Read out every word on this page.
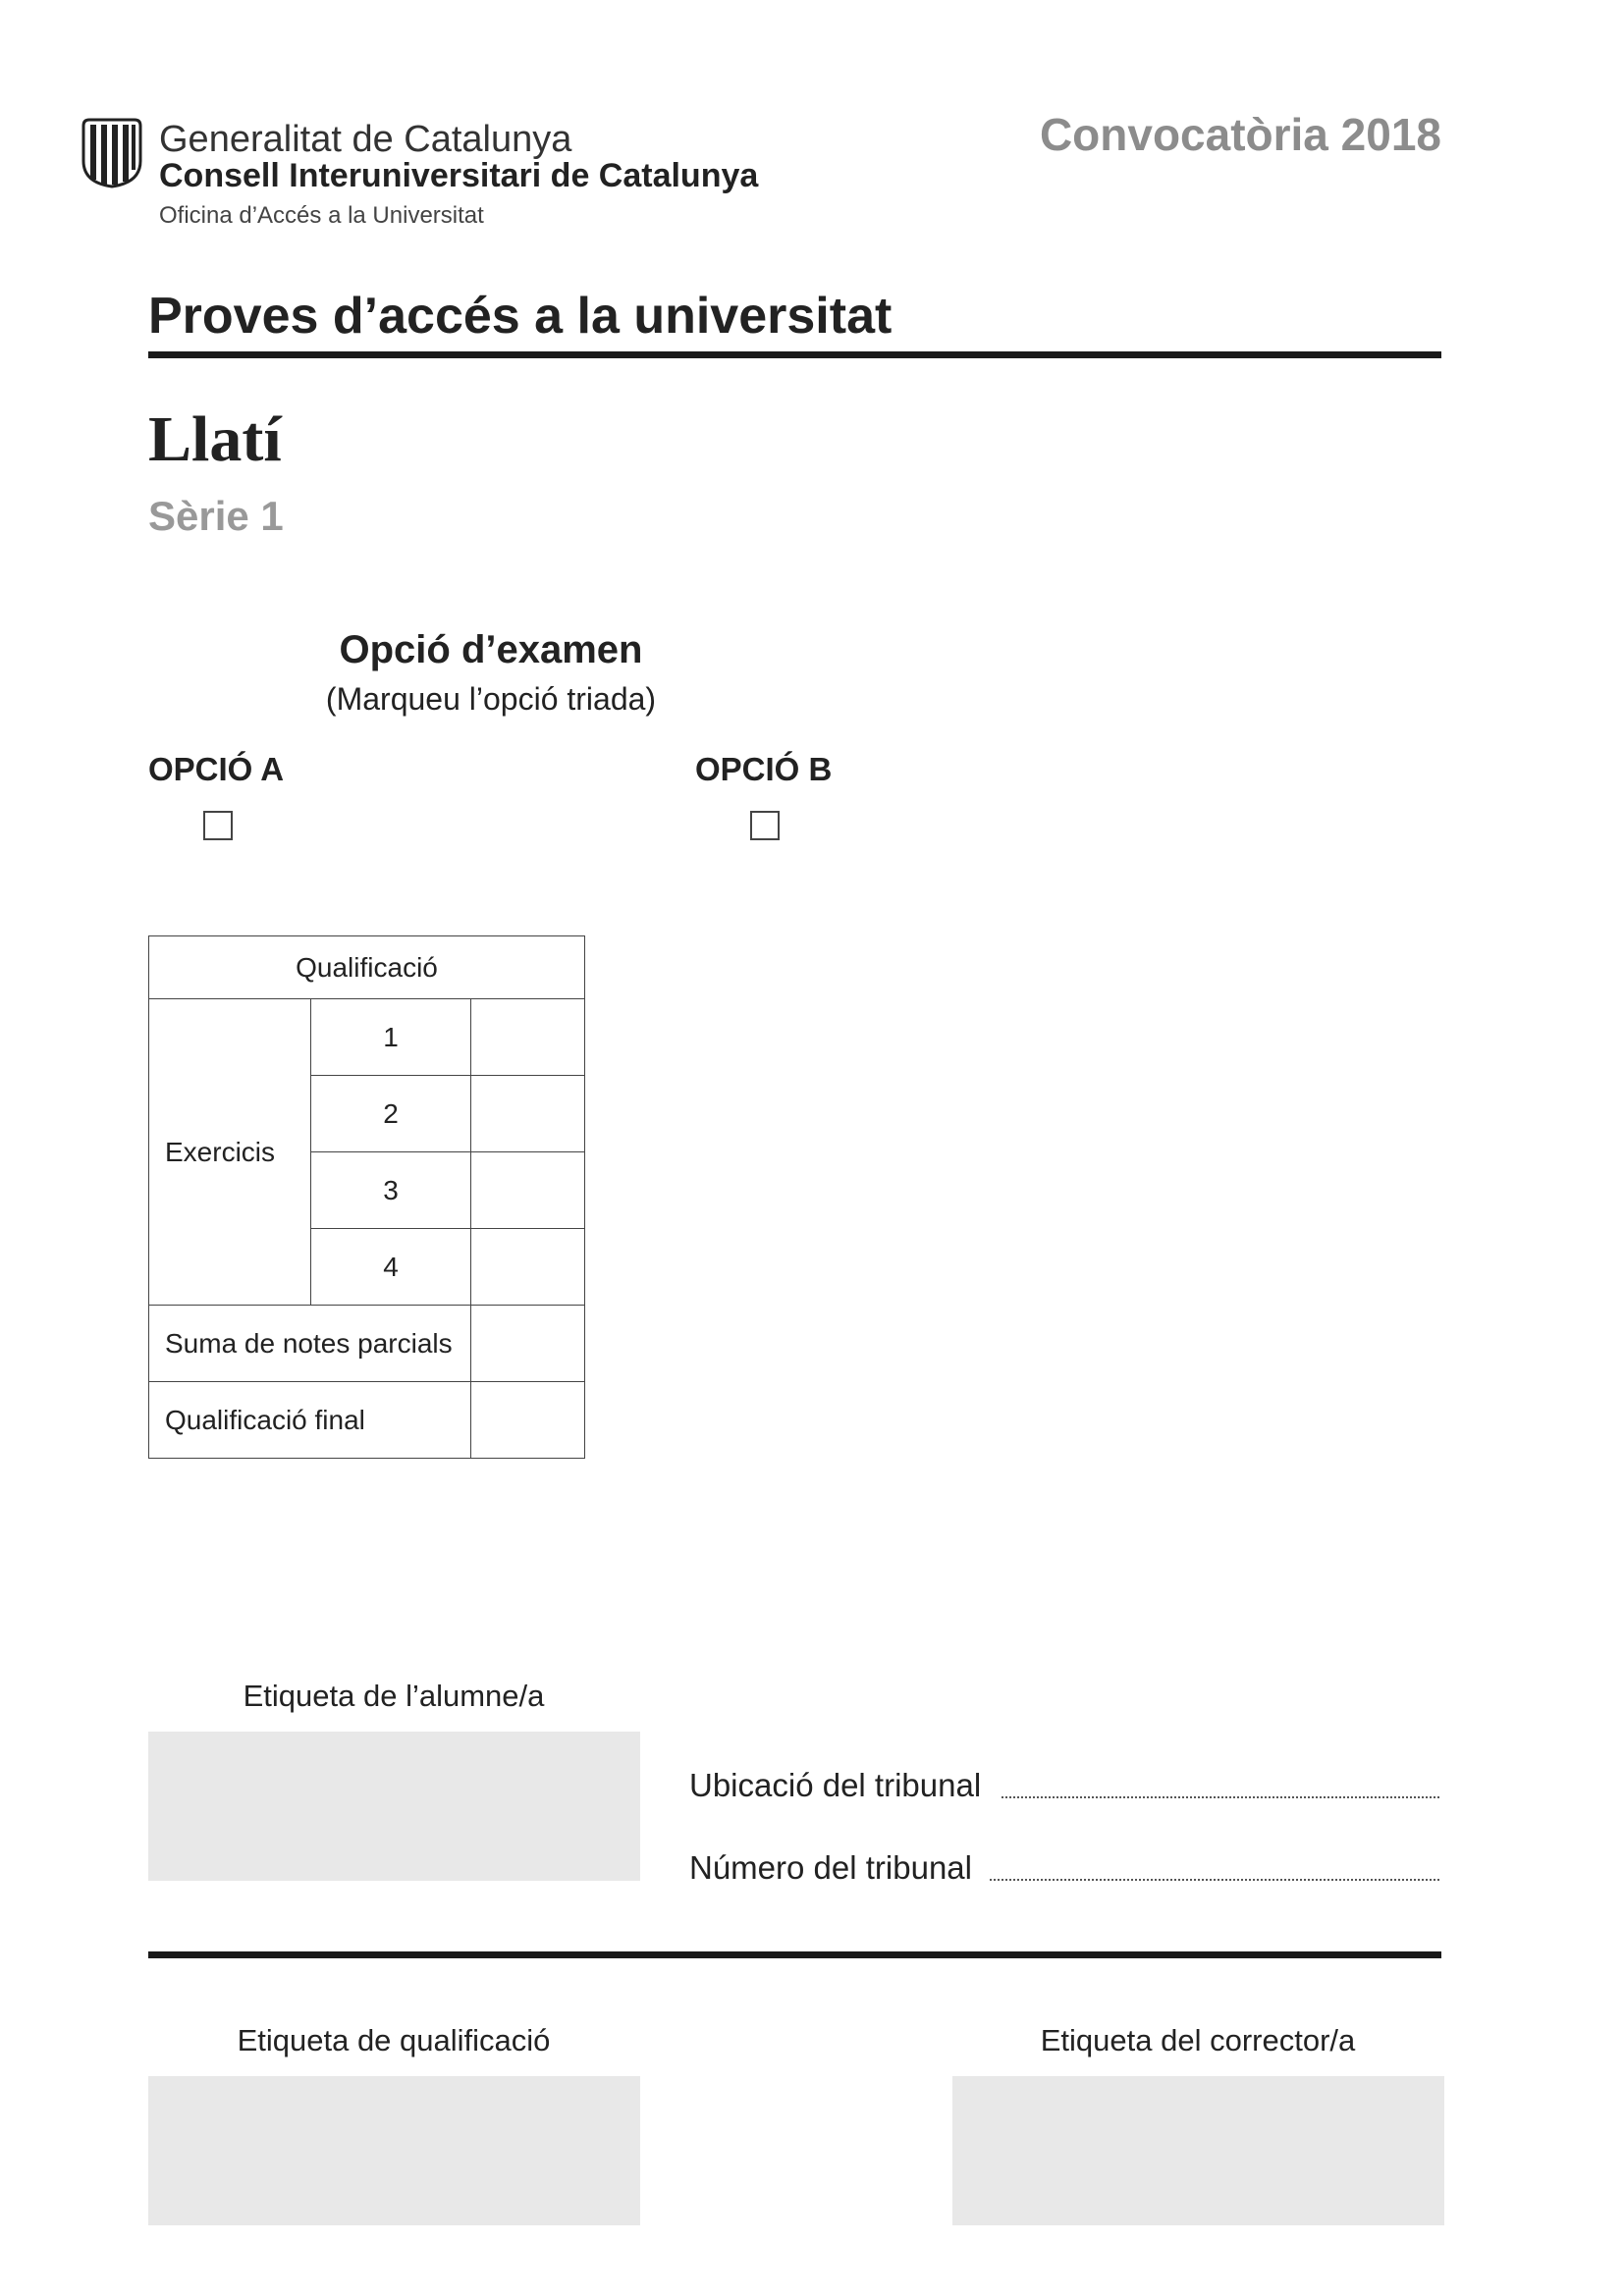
Generalitat de Catalunya
Consell Interuniversitari de Catalunya
Oficina d’Accés a la Universitat
Convocatòria 2018
Proves d’accés a la universitat
Llatí
Sèrie 1
Opció d’examen
(Marqueu l’opció triada)
OPCIÓ A	OPCIÓ B
Qualificació		
Exercicis	1	
	2	
	3	
	4	
Suma de notes parcials		
Qualificació final		
Etiqueta de l’alumne/a
Ubicació del tribunal
Número del tribunal
Etiqueta de qualificació	Etiqueta del corrector/a
